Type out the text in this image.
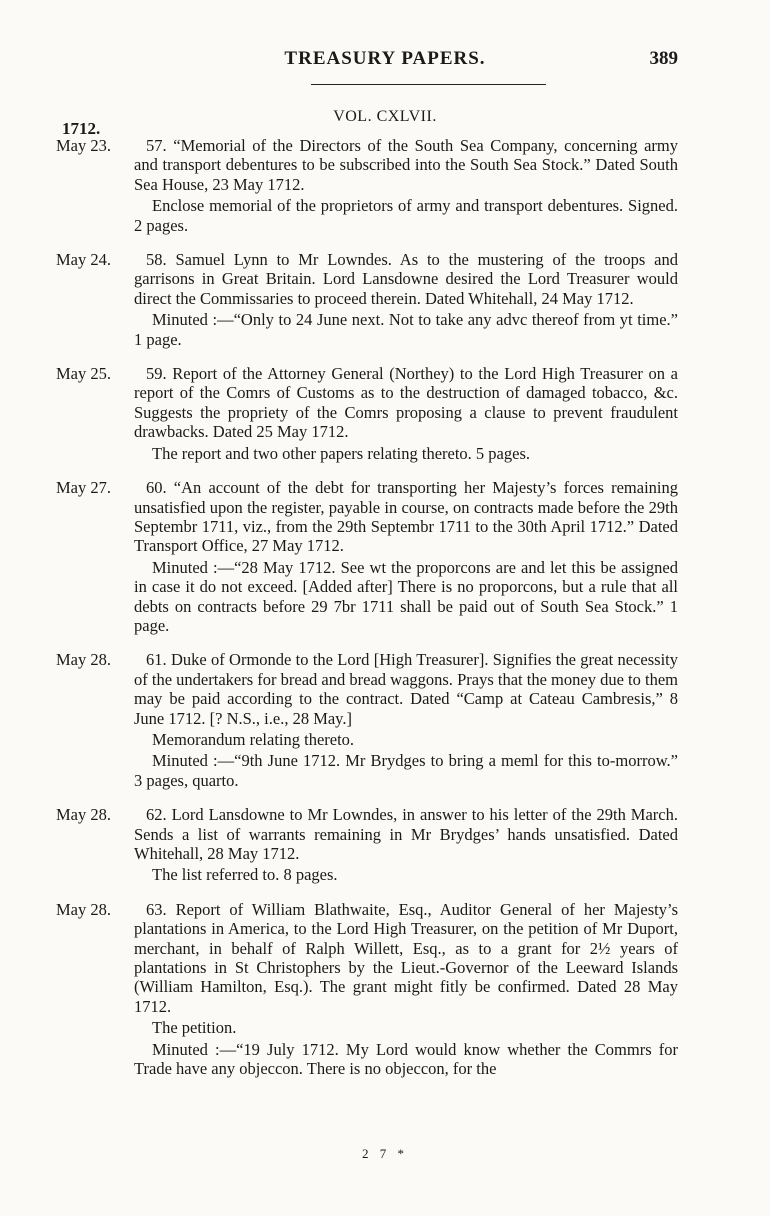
TREASURY PAPERS.	389
VOL. CXLVII.
1712.
May 23.	57. “Memorial of the Directors of the South Sea Company, concerning army and transport debentures to be subscribed into the South Sea Stock.” Dated South Sea House, 23 May 1712.

Enclose memorial of the proprietors of army and transport debentures. Signed. 2 pages.

May 24.	58. Samuel Lynn to Mr Lowndes. As to the mustering of the troops and garrisons in Great Britain. Lord Lansdowne desired the Lord Treasurer would direct the Commissaries to proceed therein. Dated Whitehall, 24 May 1712.

Minuted :—“Only to 24 June next. Not to take any advc thereof from yt time.” 1 page.

May 25.	59. Report of the Attorney General (Northey) to the Lord High Treasurer on a report of the Comrs of Customs as to the destruction of damaged tobacco, &c. Suggests the propriety of the Comrs proposing a clause to prevent fraudulent drawbacks. Dated 25 May 1712.

The report and two other papers relating thereto. 5 pages.

May 27.	60. “An account of the debt for transporting her Majesty’s forces remaining unsatisfied upon the register, payable in course, on contracts made before the 29th Septembr 1711, viz., from the 29th Septembr 1711 to the 30th April 1712.” Dated Transport Office, 27 May 1712.

Minuted :—“28 May 1712. See wt the proporcons are and let this be assigned in case it do not exceed. [Added after] There is no proporcons, but a rule that all debts on contracts before 29 7br 1711 shall be paid out of South Sea Stock.” 1 page.

May 28.	61. Duke of Ormonde to the Lord [High Treasurer]. Signifies the great necessity of the undertakers for bread and bread waggons. Prays that the money due to them may be paid according to the contract. Dated “Camp at Cateau Cambresis,” 8 June 1712. [? N.S., i.e., 28 May.]

Memorandum relating thereto.

Minuted :—“9th June 1712. Mr Brydges to bring a meml for this to-morrow.” 3 pages, quarto.

May 28.	62. Lord Lansdowne to Mr Lowndes, in answer to his letter of the 29th March. Sends a list of warrants remaining in Mr Brydges’ hands unsatisfied. Dated Whitehall, 28 May 1712.

The list referred to. 8 pages.

May 28.	63. Report of William Blathwaite, Esq., Auditor General of her Majesty’s plantations in America, to the Lord High Treasurer, on the petition of Mr Duport, merchant, in behalf of Ralph Willett, Esq., as to a grant for 2½ years of plantations in St Christophers by the Lieut.-Governor of the Leeward Islands (William Hamilton, Esq.). The grant might fitly be confirmed. Dated 28 May 1712.

The petition.

Minuted :—“19 July 1712. My Lord would know whether the Commrs for Trade have any objeccon. There is no objeccon, for the

2 7 *
